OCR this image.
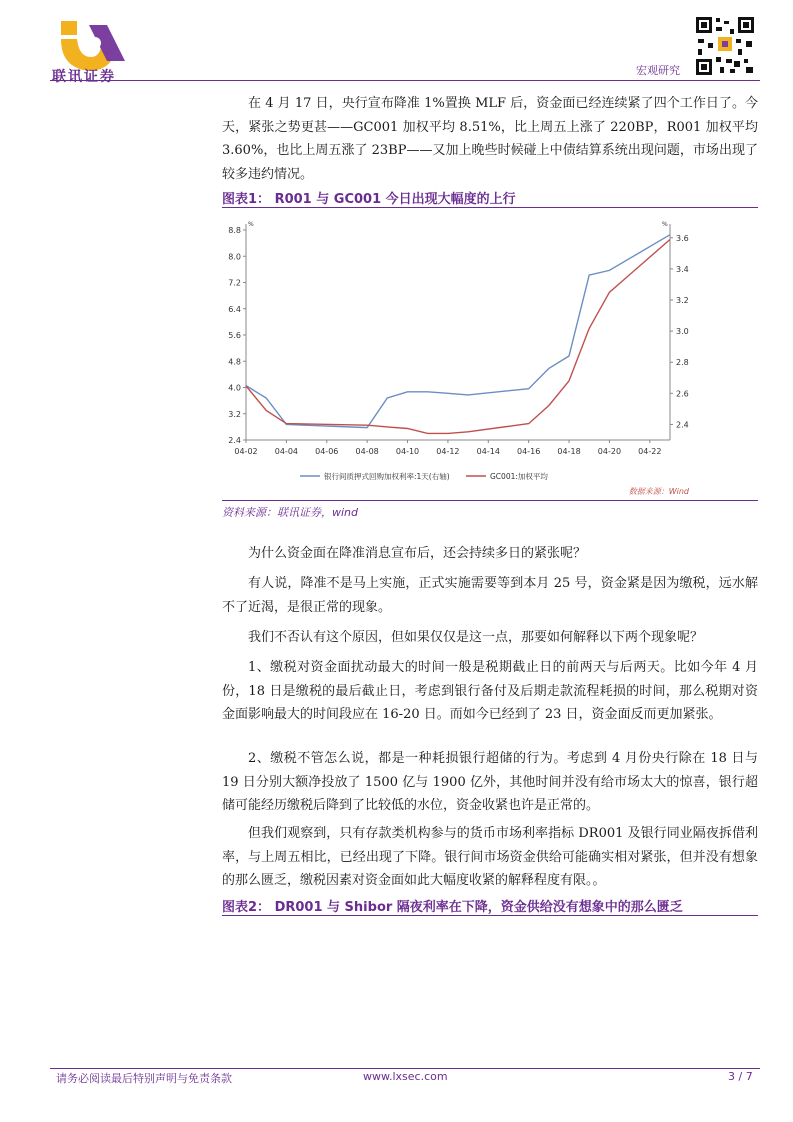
联讯证券	宏观研究
在 4 月 17 日，央行宣布降准 1%置换 MLF 后，资金面已经连续紧了四个工作日了。今天，紧张之势更甚——GC001 加权平均 8.51%，比上周五上涨了 220BP，R001 加权平均 3.60%，也比上周五涨了 23BP——又加上晚些时候碰上中债结算系统出现问题，市场出现了较多违约情况。
图表1： R001 与 GC001 今日出现大幅度的上行
2.4
3.2
4.0
4.8
5.6
6.4
7.2
8.0
8.8
%
2.4
2.6
2.8
3.0
3.2
3.4
3.6
%
04-02 04-04 04-06 04-08 04-10 04-12 04-14 04-16 04-18 04-20 04-22
银行间质押式回购加权利率:1天(右轴)	GC001:加权平均
数据来源：Wind
资料来源：联讯证券，wind
为什么资金面在降准消息宣布后，还会持续多日的紧张呢？
有人说，降准不是马上实施，正式实施需要等到本月 25 号，资金紧是因为缴税，远水解不了近渴，是很正常的现象。
我们不否认有这个原因，但如果仅仅是这一点，那要如何解释以下两个现象呢？
1、缴税对资金面扰动最大的时间一般是税期截止日的前两天与后两天。比如今年 4 月份，18 日是缴税的最后截止日，考虑到银行备付及后期走款流程耗损的时间，那么税期对资金面影响最大的时间段应在 16-20 日。而如今已经到了 23 日，资金面反而更加紧张。
2、缴税不管怎么说，都是一种耗损银行超储的行为。考虑到 4 月份央行除在 18 日与 19 日分别大额净投放了 1500 亿与 1900 亿外，其他时间并没有给市场太大的惊喜，银行超储可能经历缴税后降到了比较低的水位，资金收紧也许是正常的。
但我们观察到，只有存款类机构参与的货币市场利率指标 DR001 及银行同业隔夜拆借利率，与上周五相比，已经出现了下降。银行间市场资金供给可能确实相对紧张，但并没有想象的那么匮乏，缴税因素对资金面如此大幅度收紧的解释程度有限。。
图表2： DR001 与 Shibor 隔夜利率在下降，资金供给没有想象中的那么匮乏
请务必阅读最后特别声明与免责条款	www.lxsec.com	3 / 7
